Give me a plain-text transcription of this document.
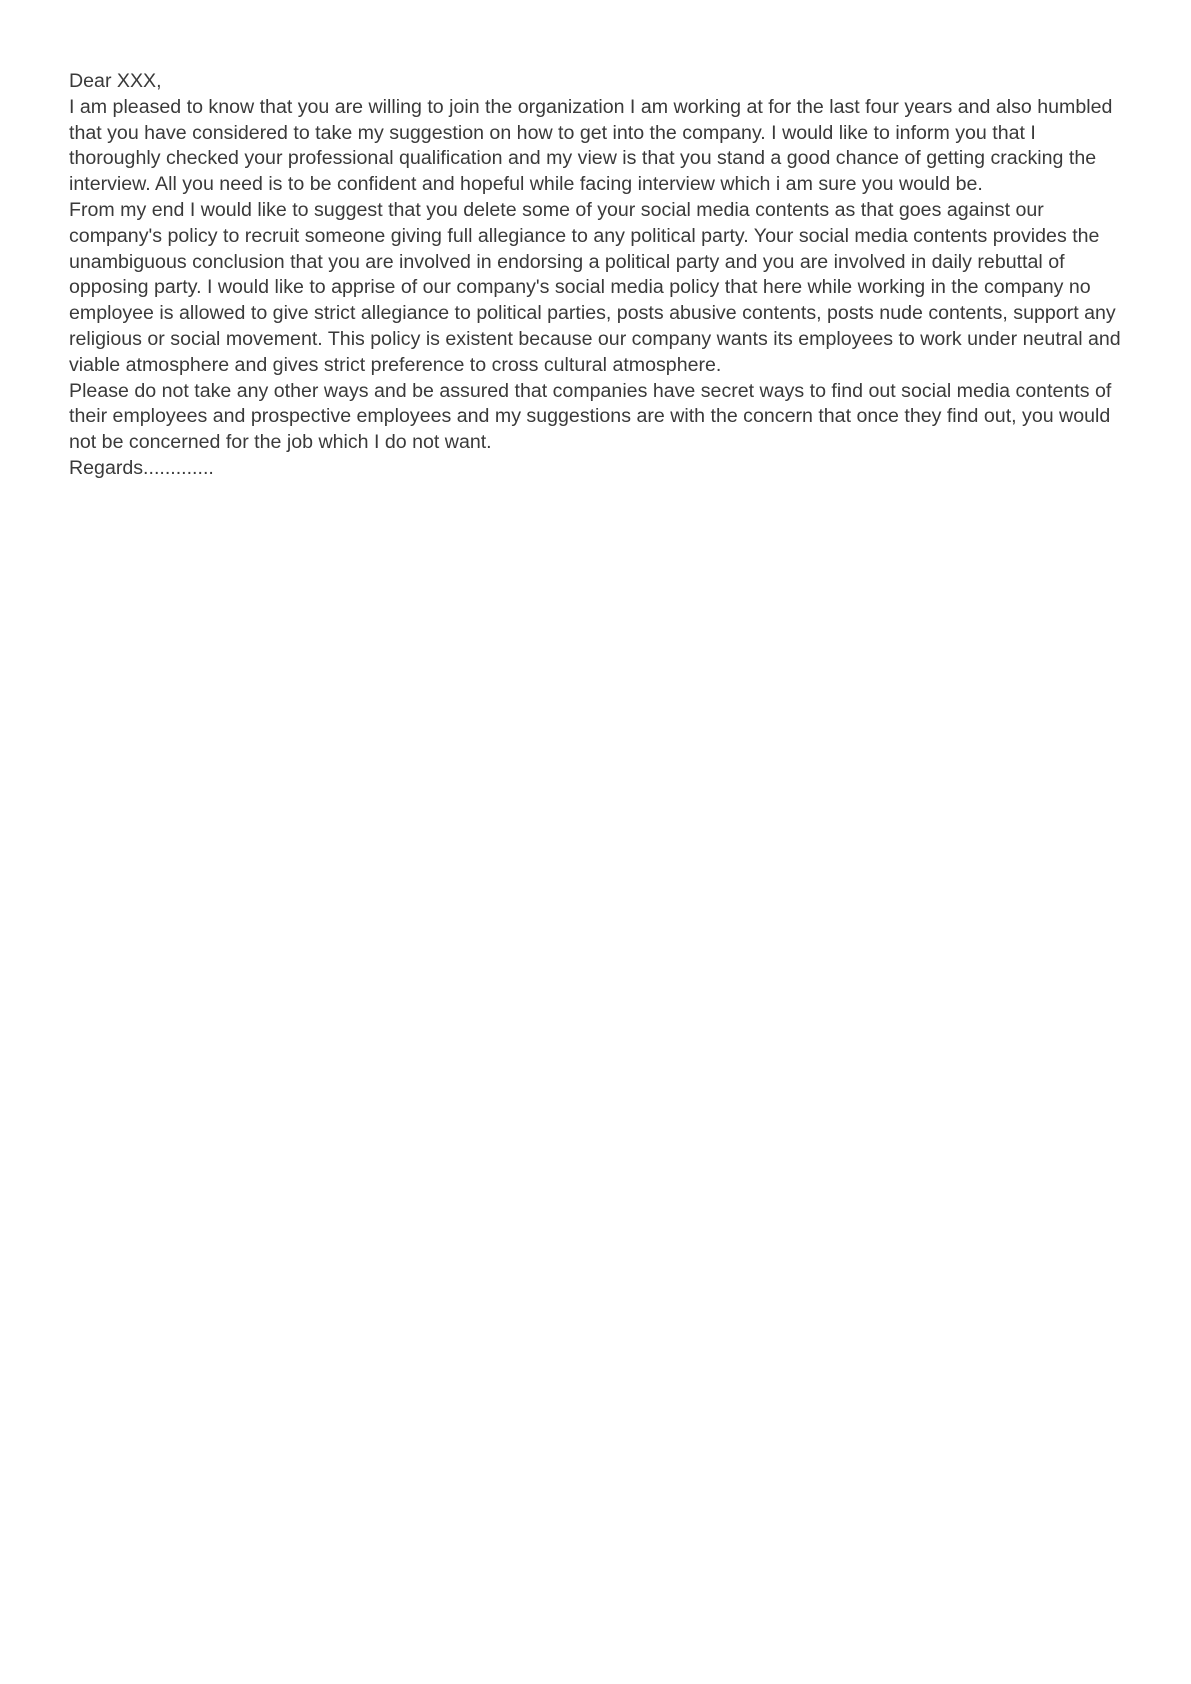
Dear XXX,

I am pleased to know that you are willing to join the organization I am working at for the last four years and also humbled that you have considered to take my suggestion on how to get into the company. I would like to inform you that I thoroughly checked your professional qualification and my view is that you stand a good chance of getting cracking the interview. All you need is to be confident and hopeful while facing interview which i am sure you would be.

From my end I would like to suggest that you delete some of your social media contents as that goes against our company's policy to recruit someone giving full allegiance to any political party. Your social media contents provides the unambiguous conclusion that you are involved in endorsing a political party and you are involved in daily rebuttal of opposing party. I would like to apprise of our company's social media policy that here while working in the company no employee is allowed to give strict allegiance to political parties, posts abusive contents, posts nude contents, support any religious or social movement. This policy is existent because our company wants its employees to work under neutral and viable atmosphere and gives strict preference to cross cultural atmosphere.

Please do not take any other ways and be assured that companies have secret ways to find out social media contents of their employees and prospective employees and my suggestions are with the concern that once they find out, you would not be concerned for the job which I do not want.

Regards.............
